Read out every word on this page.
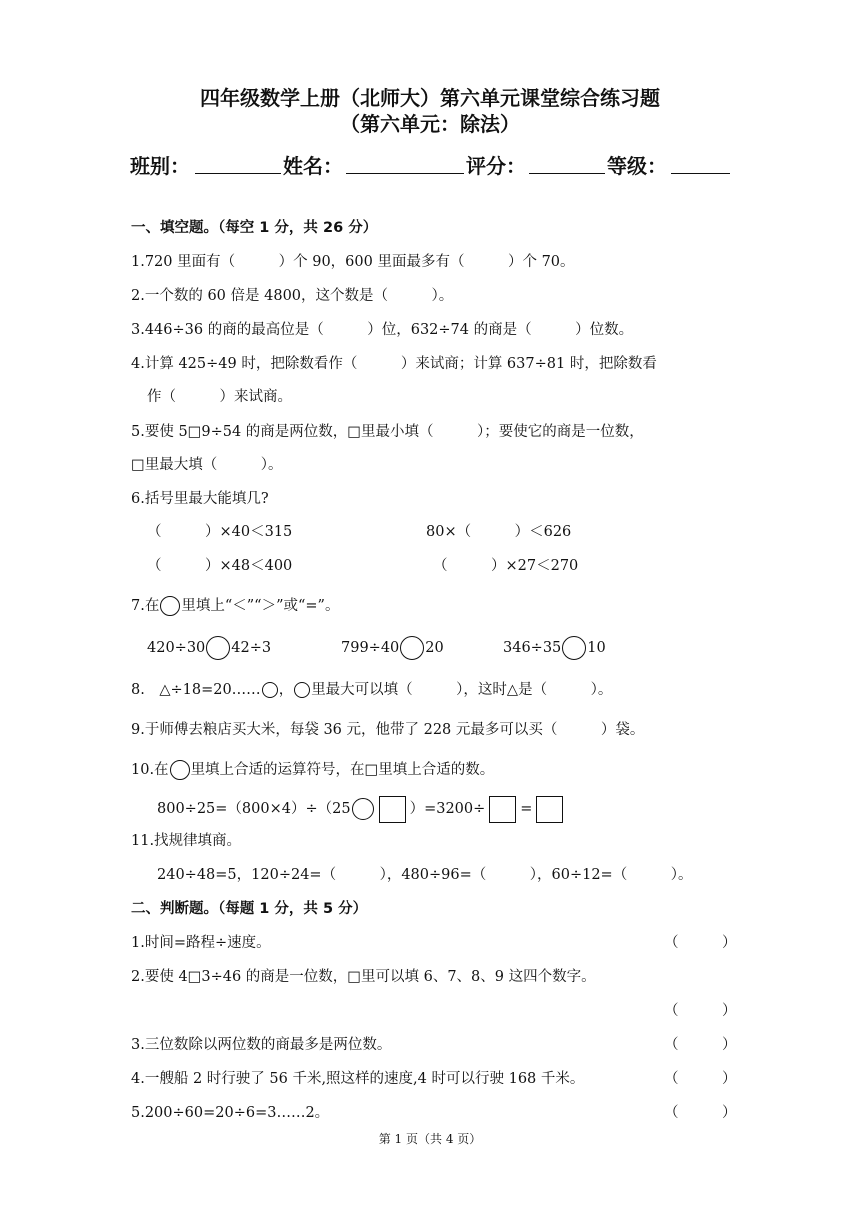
四年级数学上册（北师大）第六单元课堂综合练习题
（第六单元：除法）
班别：	姓名：	评分：	等级：
一、填空题。（每空 1 分，共 26 分）
1.720 里面有（　　　）个 90，600 里面最多有（　　　）个 70。
2.一个数的 60 倍是 4800，这个数是（　　　）。
3.446÷36 的商的最高位是（　　　）位，632÷74 的商是（　　　）位数。
4.计算 425÷49 时，把除数看作（　　　）来试商；计算 637÷81 时，把除数看
作（　　　）来试商。
5.要使 5□9÷54 的商是两位数，□里最小填（　　　）；要使它的商是一位数，
□里最大填（　　　）。
6.括号里最大能填几?
（　　　）×40＜315	80×（　　　）＜626
（　　　）×48＜400	（　　　）×27＜270
7.在 里填上“＜”“＞”或“=”。
420÷30 42÷3	799÷40 20	346÷35 10
8.　△÷18=20…… ， 里最大可以填（　　　），这时△是（　　　）。
9.于师傅去粮店买大米，每袋 36 元，他带了 228 元最多可以买（　　　）袋。
10.在 里填上合适的运算符号，在□里填上合适的数。
800÷25=（800×4）÷（25	）=3200÷ =
11.找规律填商。
240÷48=5，120÷24=（　　　），480÷96=（　　　），60÷12=（　　　）。
二、判断题。（每题 1 分，共 5 分）
1.时间=路程÷速度。	（　　　）
2.要使 4□3÷46 的商是一位数，□里可以填 6、7、8、9 这四个数字。
（　　　）
3.三位数除以两位数的商最多是两位数。	（　　　）
4.一艘船 2 时行驶了 56 千米,照这样的速度,4 时可以行驶 168 千米。	（　　　）
5.200÷60=20÷6=3……2。	（　　　）
第 1 页（共 4 页）
